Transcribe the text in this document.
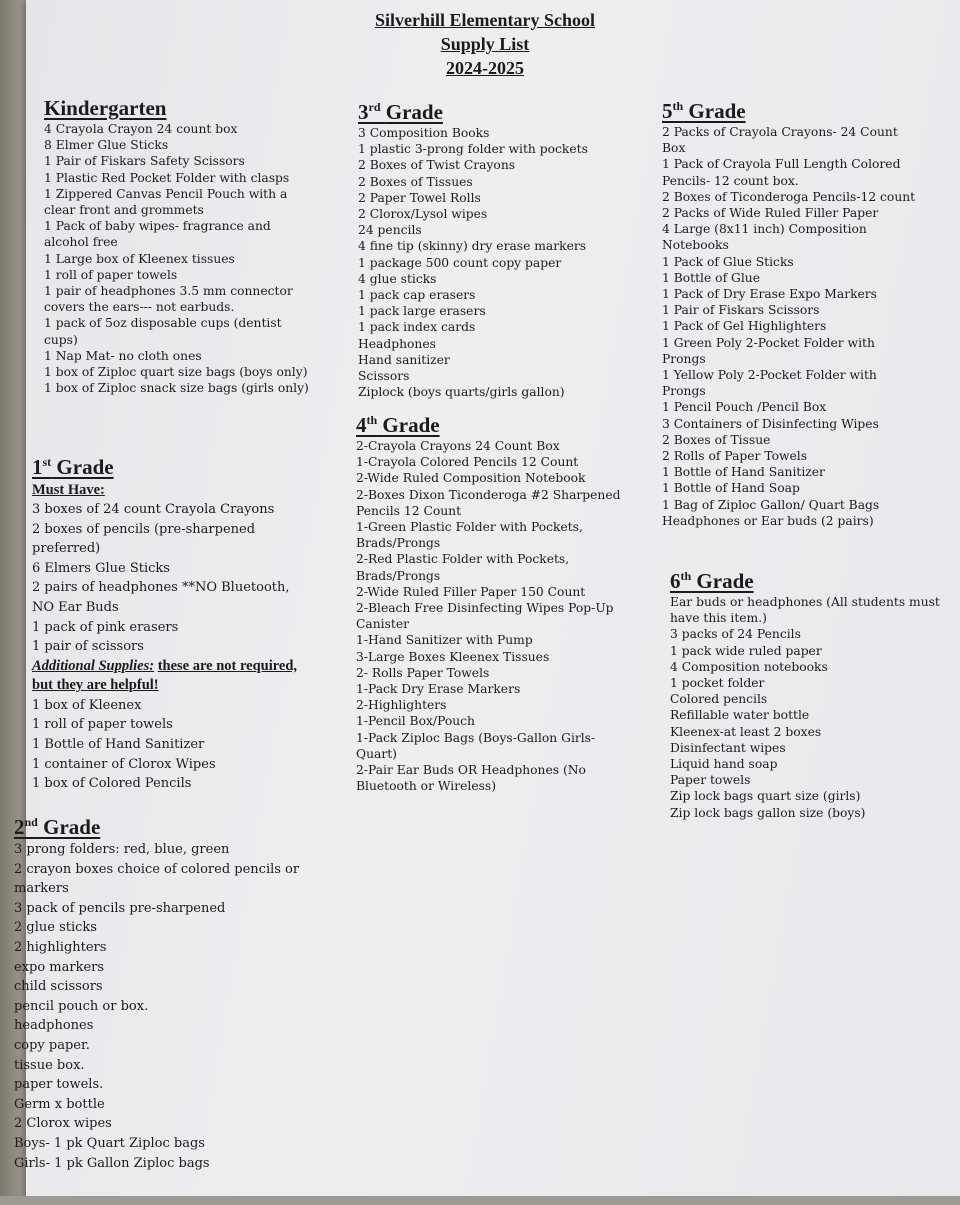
Silverhill Elementary School
Supply List
2024-2025
Kindergarten
4 Crayola Crayon 24 count box
8 Elmer Glue Sticks
1 Pair of Fiskars Safety Scissors
1 Plastic Red Pocket Folder with clasps
1 Zippered Canvas Pencil Pouch with a clear front and grommets
1 Pack of baby wipes- fragrance and alcohol free
1 Large box of Kleenex tissues
1 roll of paper towels
1 pair of headphones 3.5 mm connector covers the ears--- not earbuds.
1 pack of 5oz disposable cups (dentist cups)
1 Nap Mat- no cloth ones
1 box of Ziploc quart size bags (boys only)
1 box of Ziploc snack size bags (girls only)
1st Grade
Must Have:
3 boxes of 24 count Crayola Crayons
2 boxes of pencils (pre-sharpened preferred)
6 Elmers Glue Sticks
2 pairs of headphones **NO Bluetooth, NO Ear Buds
1 pack of pink erasers
1 pair of scissors
Additional Supplies: these are not required, but they are helpful!
1 box of Kleenex
1 roll of paper towels
1 Bottle of Hand Sanitizer
1 container of Clorox Wipes
1 box of Colored Pencils
2nd Grade
3 prong folders: red, blue, green
2 crayon boxes choice of colored pencils or markers
3 pack of pencils pre-sharpened
2 glue sticks
2 highlighters
expo markers
child scissors
pencil pouch or box.
headphones
copy paper.
tissue box.
paper towels.
Germ x bottle
2 Clorox wipes
Boys- 1 pk Quart Ziploc bags
Girls- 1 pk Gallon Ziploc bags
3rd Grade
3 Composition Books
1 plastic 3-prong folder with pockets
2 Boxes of Twist Crayons
2 Boxes of Tissues
2 Paper Towel Rolls
2 Clorox/Lysol wipes
24 pencils
4 fine tip (skinny) dry erase markers
1 package 500 count copy paper
4 glue sticks
1 pack cap erasers
1 pack large erasers
1 pack index cards
Headphones
Hand sanitizer
Scissors
Ziplock (boys quarts/girls gallon)
4th Grade
2-Crayola Crayons 24 Count Box
1-Crayola Colored Pencils 12 Count
2-Wide Ruled Composition Notebook
2-Boxes Dixon Ticonderoga #2 Sharpened Pencils 12 Count
1-Green Plastic Folder with Pockets, Brads/Prongs
2-Red Plastic Folder with Pockets, Brads/Prongs
2-Wide Ruled Filler Paper 150 Count
2-Bleach Free Disinfecting Wipes Pop-Up Canister
1-Hand Sanitizer with Pump
3-Large Boxes Kleenex Tissues
2- Rolls Paper Towels
1-Pack Dry Erase Markers
2-Highlighters
1-Pencil Box/Pouch
1-Pack Ziploc Bags (Boys-Gallon Girls-Quart)
2-Pair Ear Buds OR Headphones (No Bluetooth or Wireless)
5th Grade
2 Packs of Crayola Crayons- 24 Count Box
1 Pack of Crayola Full Length Colored Pencils- 12 count box.
2 Boxes of Ticonderoga Pencils-12 count
2 Packs of Wide Ruled Filler Paper
4 Large (8x11 inch) Composition Notebooks
1 Pack of Glue Sticks
1 Bottle of Glue
1 Pack of Dry Erase Expo Markers
1 Pair of Fiskars Scissors
1 Pack of Gel Highlighters
1 Green Poly 2-Pocket Folder with Prongs
1 Yellow Poly 2-Pocket Folder with Prongs
1 Pencil Pouch /Pencil Box
3 Containers of Disinfecting Wipes
2 Boxes of Tissue
2 Rolls of Paper Towels
1 Bottle of Hand Sanitizer
1 Bottle of Hand Soap
1 Bag of Ziploc Gallon/ Quart Bags
Headphones or Ear buds (2 pairs)
6th Grade
Ear buds or headphones (All students must have this item.)
3 packs of 24 Pencils
1 pack wide ruled paper
4 Composition notebooks
1 pocket folder
Colored pencils
Refillable water bottle
Kleenex-at least 2 boxes
Disinfectant wipes
Liquid hand soap
Paper towels
Zip lock bags quart size (girls)
Zip lock bags gallon size (boys)
